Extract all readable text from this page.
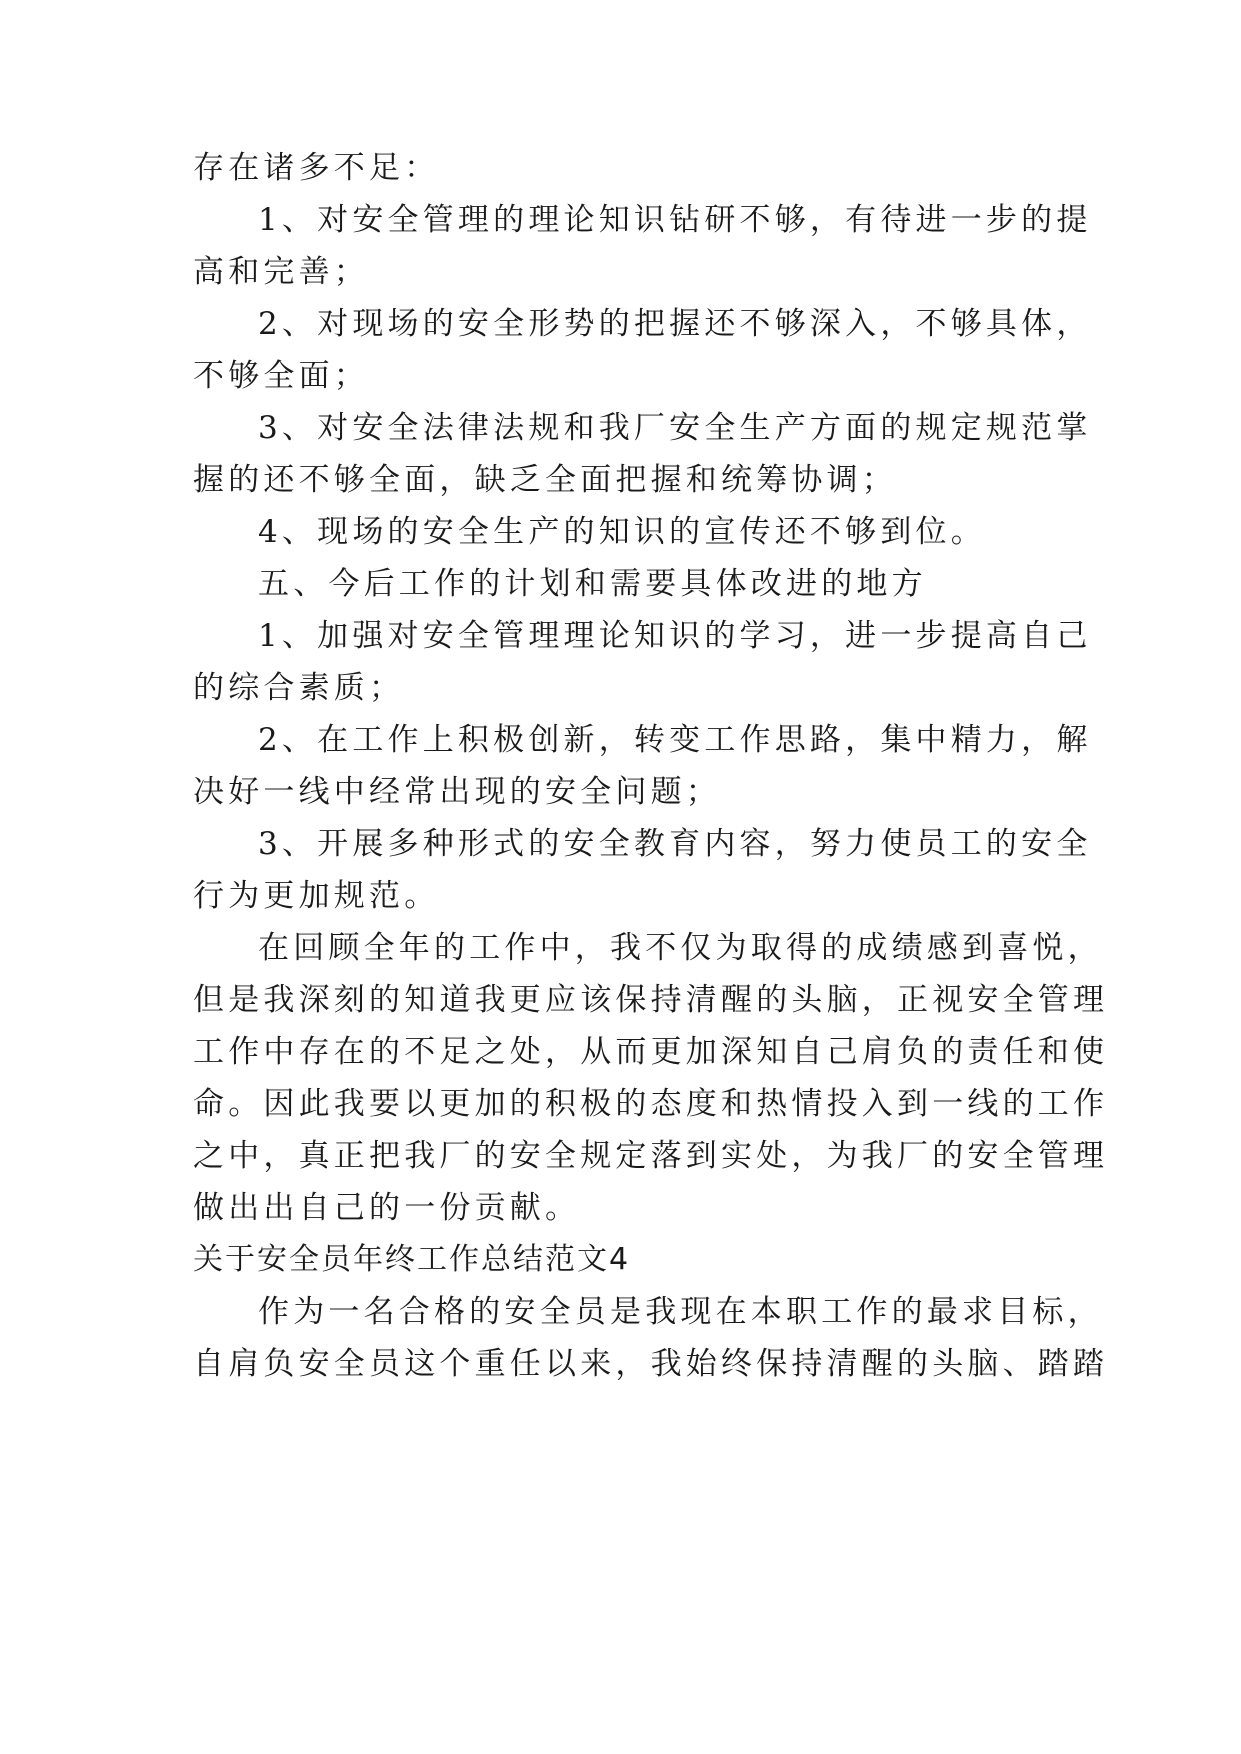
存在诸多不足：
1、对安全管理的理论知识钻研不够，有待进一步的提
高和完善；
2、对现场的安全形势的把握还不够深入，不够具体，
不够全面；
3、对安全法律法规和我厂安全生产方面的规定规范掌
握的还不够全面，缺乏全面把握和统筹协调；
4、现场的安全生产的知识的宣传还不够到位。
五、今后工作的计划和需要具体改进的地方
1、加强对安全管理理论知识的学习，进一步提高自己
的综合素质；
2、在工作上积极创新，转变工作思路，集中精力，解
决好一线中经常出现的安全问题；
3、开展多种形式的安全教育内容，努力使员工的安全
行为更加规范。
在回顾全年的工作中，我不仅为取得的成绩感到喜悦，
但是我深刻的知道我更应该保持清醒的头脑，正视安全管理
工作中存在的不足之处，从而更加深知自己肩负的责任和使
命。因此我要以更加的积极的态度和热情投入到一线的工作
之中，真正把我厂的安全规定落到实处，为我厂的安全管理
做出出自己的一份贡献。
关于安全员年终工作总结范文4
作为一名合格的安全员是我现在本职工作的最求目标，
自肩负安全员这个重任以来，我始终保持清醒的头脑、踏踏
